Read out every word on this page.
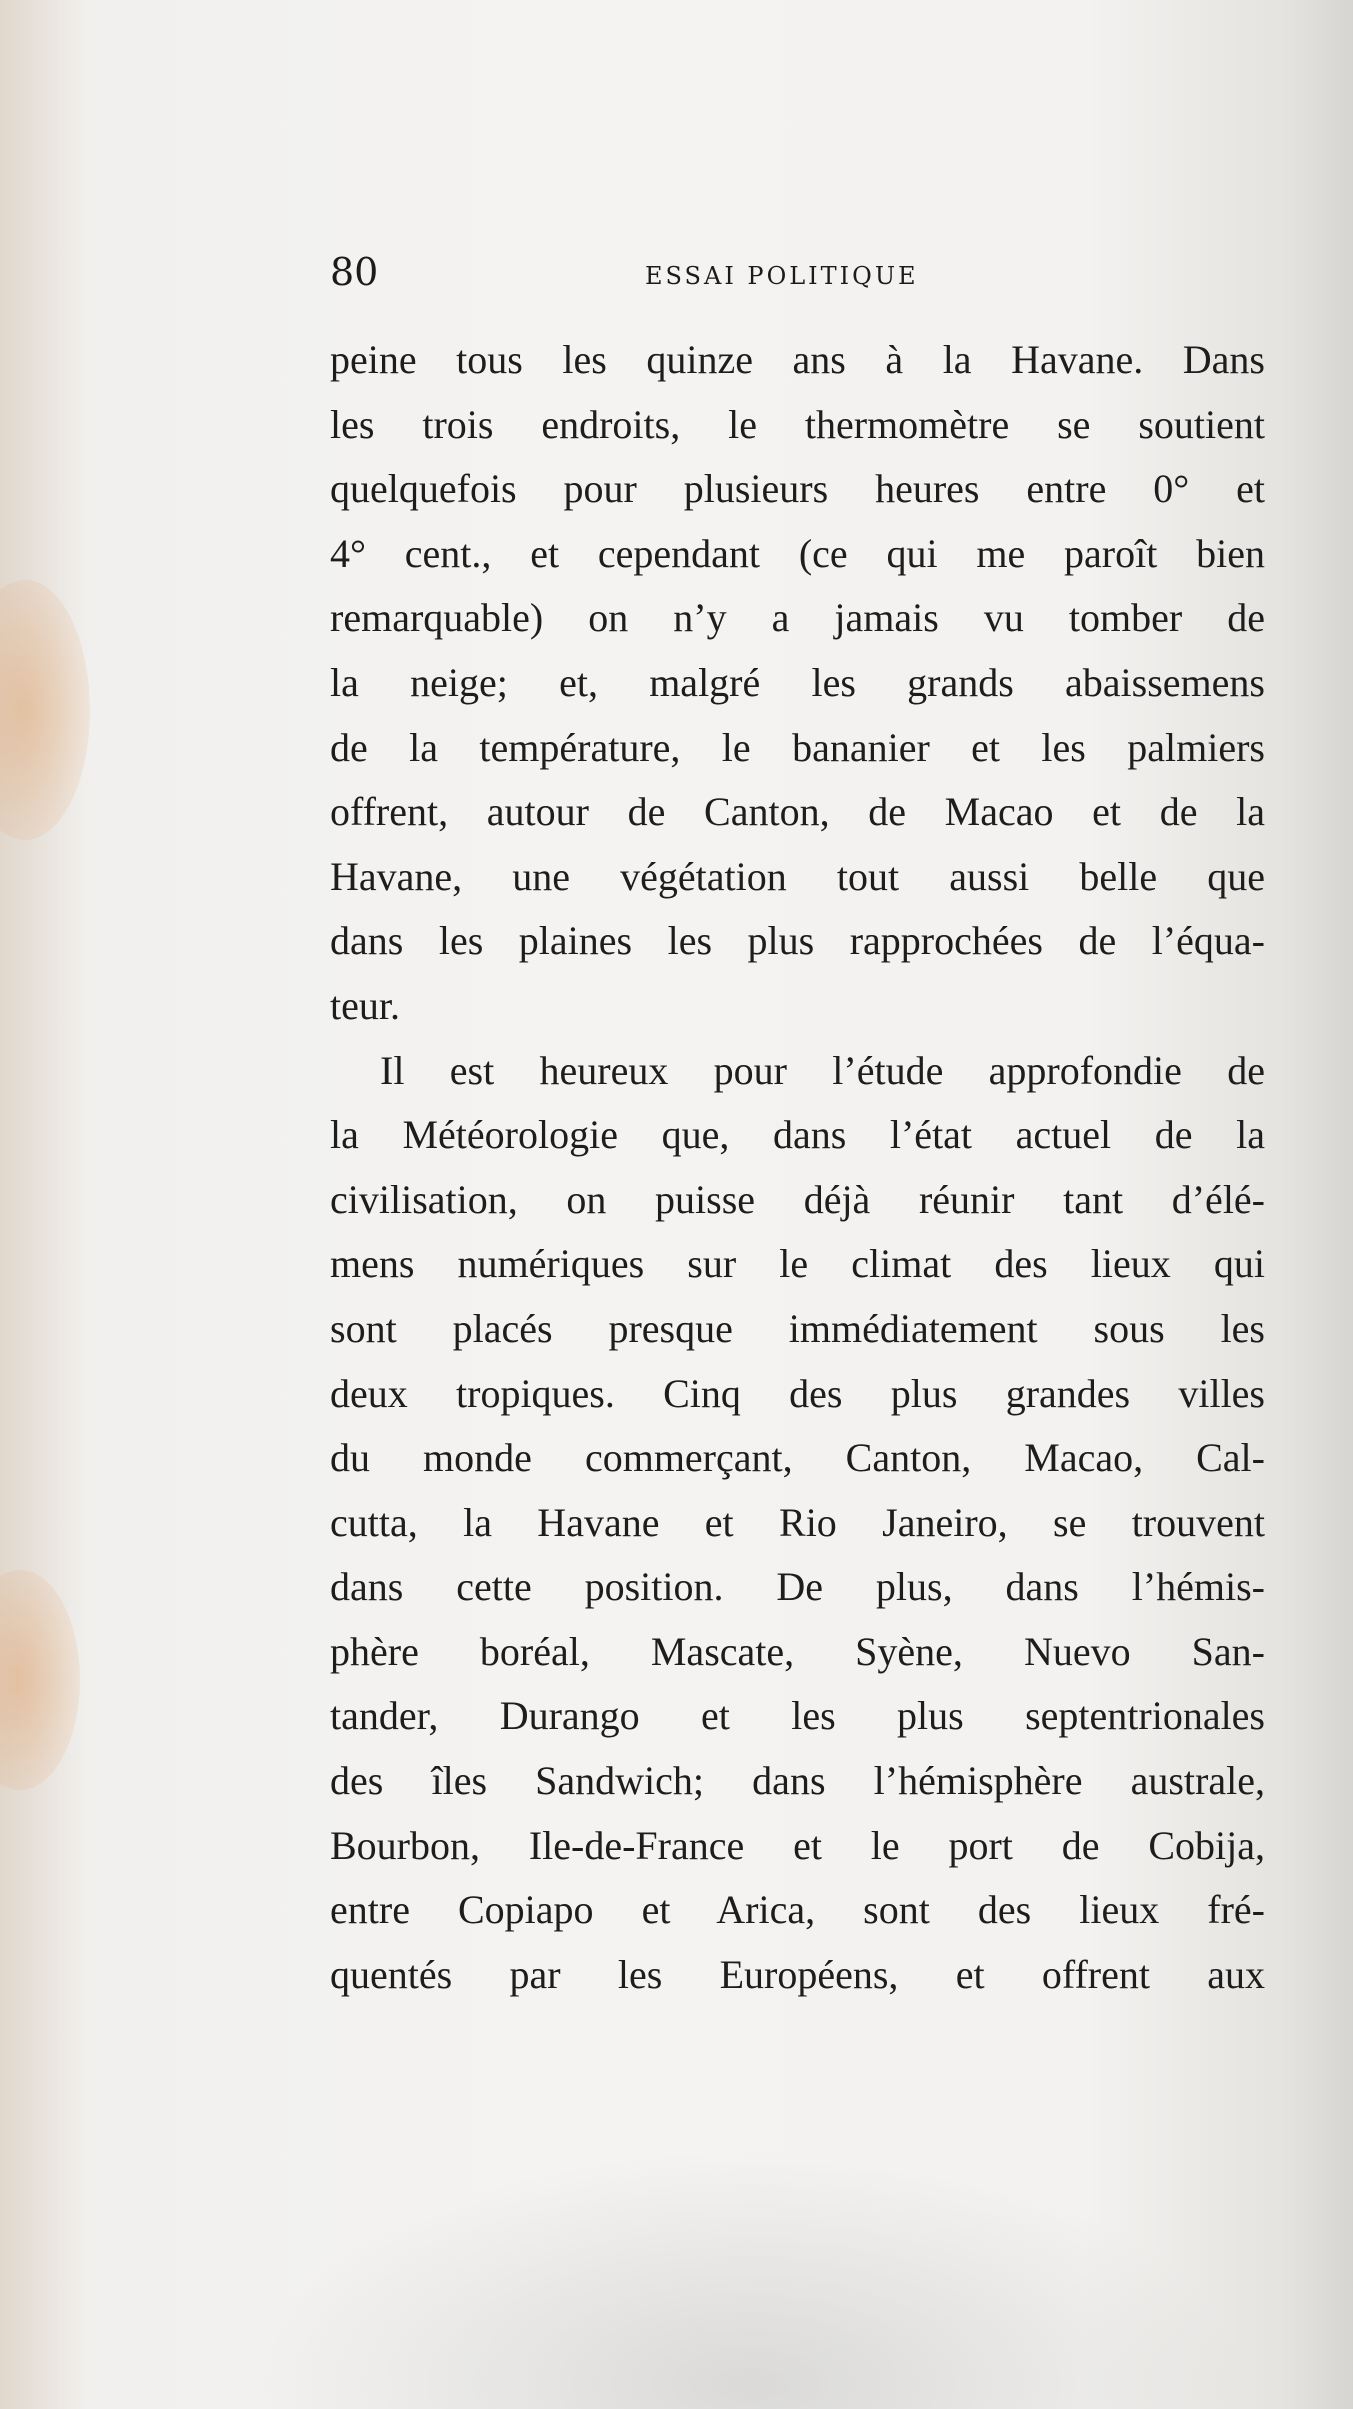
80	ESSAI POLITIQUE
peine tous les quinze ans à la Havane. Dans
les trois endroits, le thermomètre se soutient
quelquefois pour plusieurs heures entre 0° et
4° cent., et cependant (ce qui me paroît bien
remarquable) on n’y a jamais vu tomber de
la neige; et, malgré les grands abaissemens
de la température, le bananier et les palmiers
offrent, autour de Canton, de Macao et de la
Havane, une végétation tout aussi belle que
dans les plaines les plus rapprochées de l’équa-
teur.
Il est heureux pour l’étude approfondie de
la Météorologie que, dans l’état actuel de la
civilisation, on puisse déjà réunir tant d’élé-
mens numériques sur le climat des lieux qui
sont placés presque immédiatement sous les
deux tropiques. Cinq des plus grandes villes
du monde commerçant, Canton, Macao, Cal-
cutta, la Havane et Rio Janeiro, se trouvent
dans cette position. De plus, dans l’hémis-
phère boréal, Mascate, Syène, Nuevo San-
tander, Durango et les plus septentrionales
des îles Sandwich; dans l’hémisphère australe,
Bourbon, Ile-de-France et le port de Cobija,
entre Copiapo et Arica, sont des lieux fré-
quentés par les Européens, et offrent aux
